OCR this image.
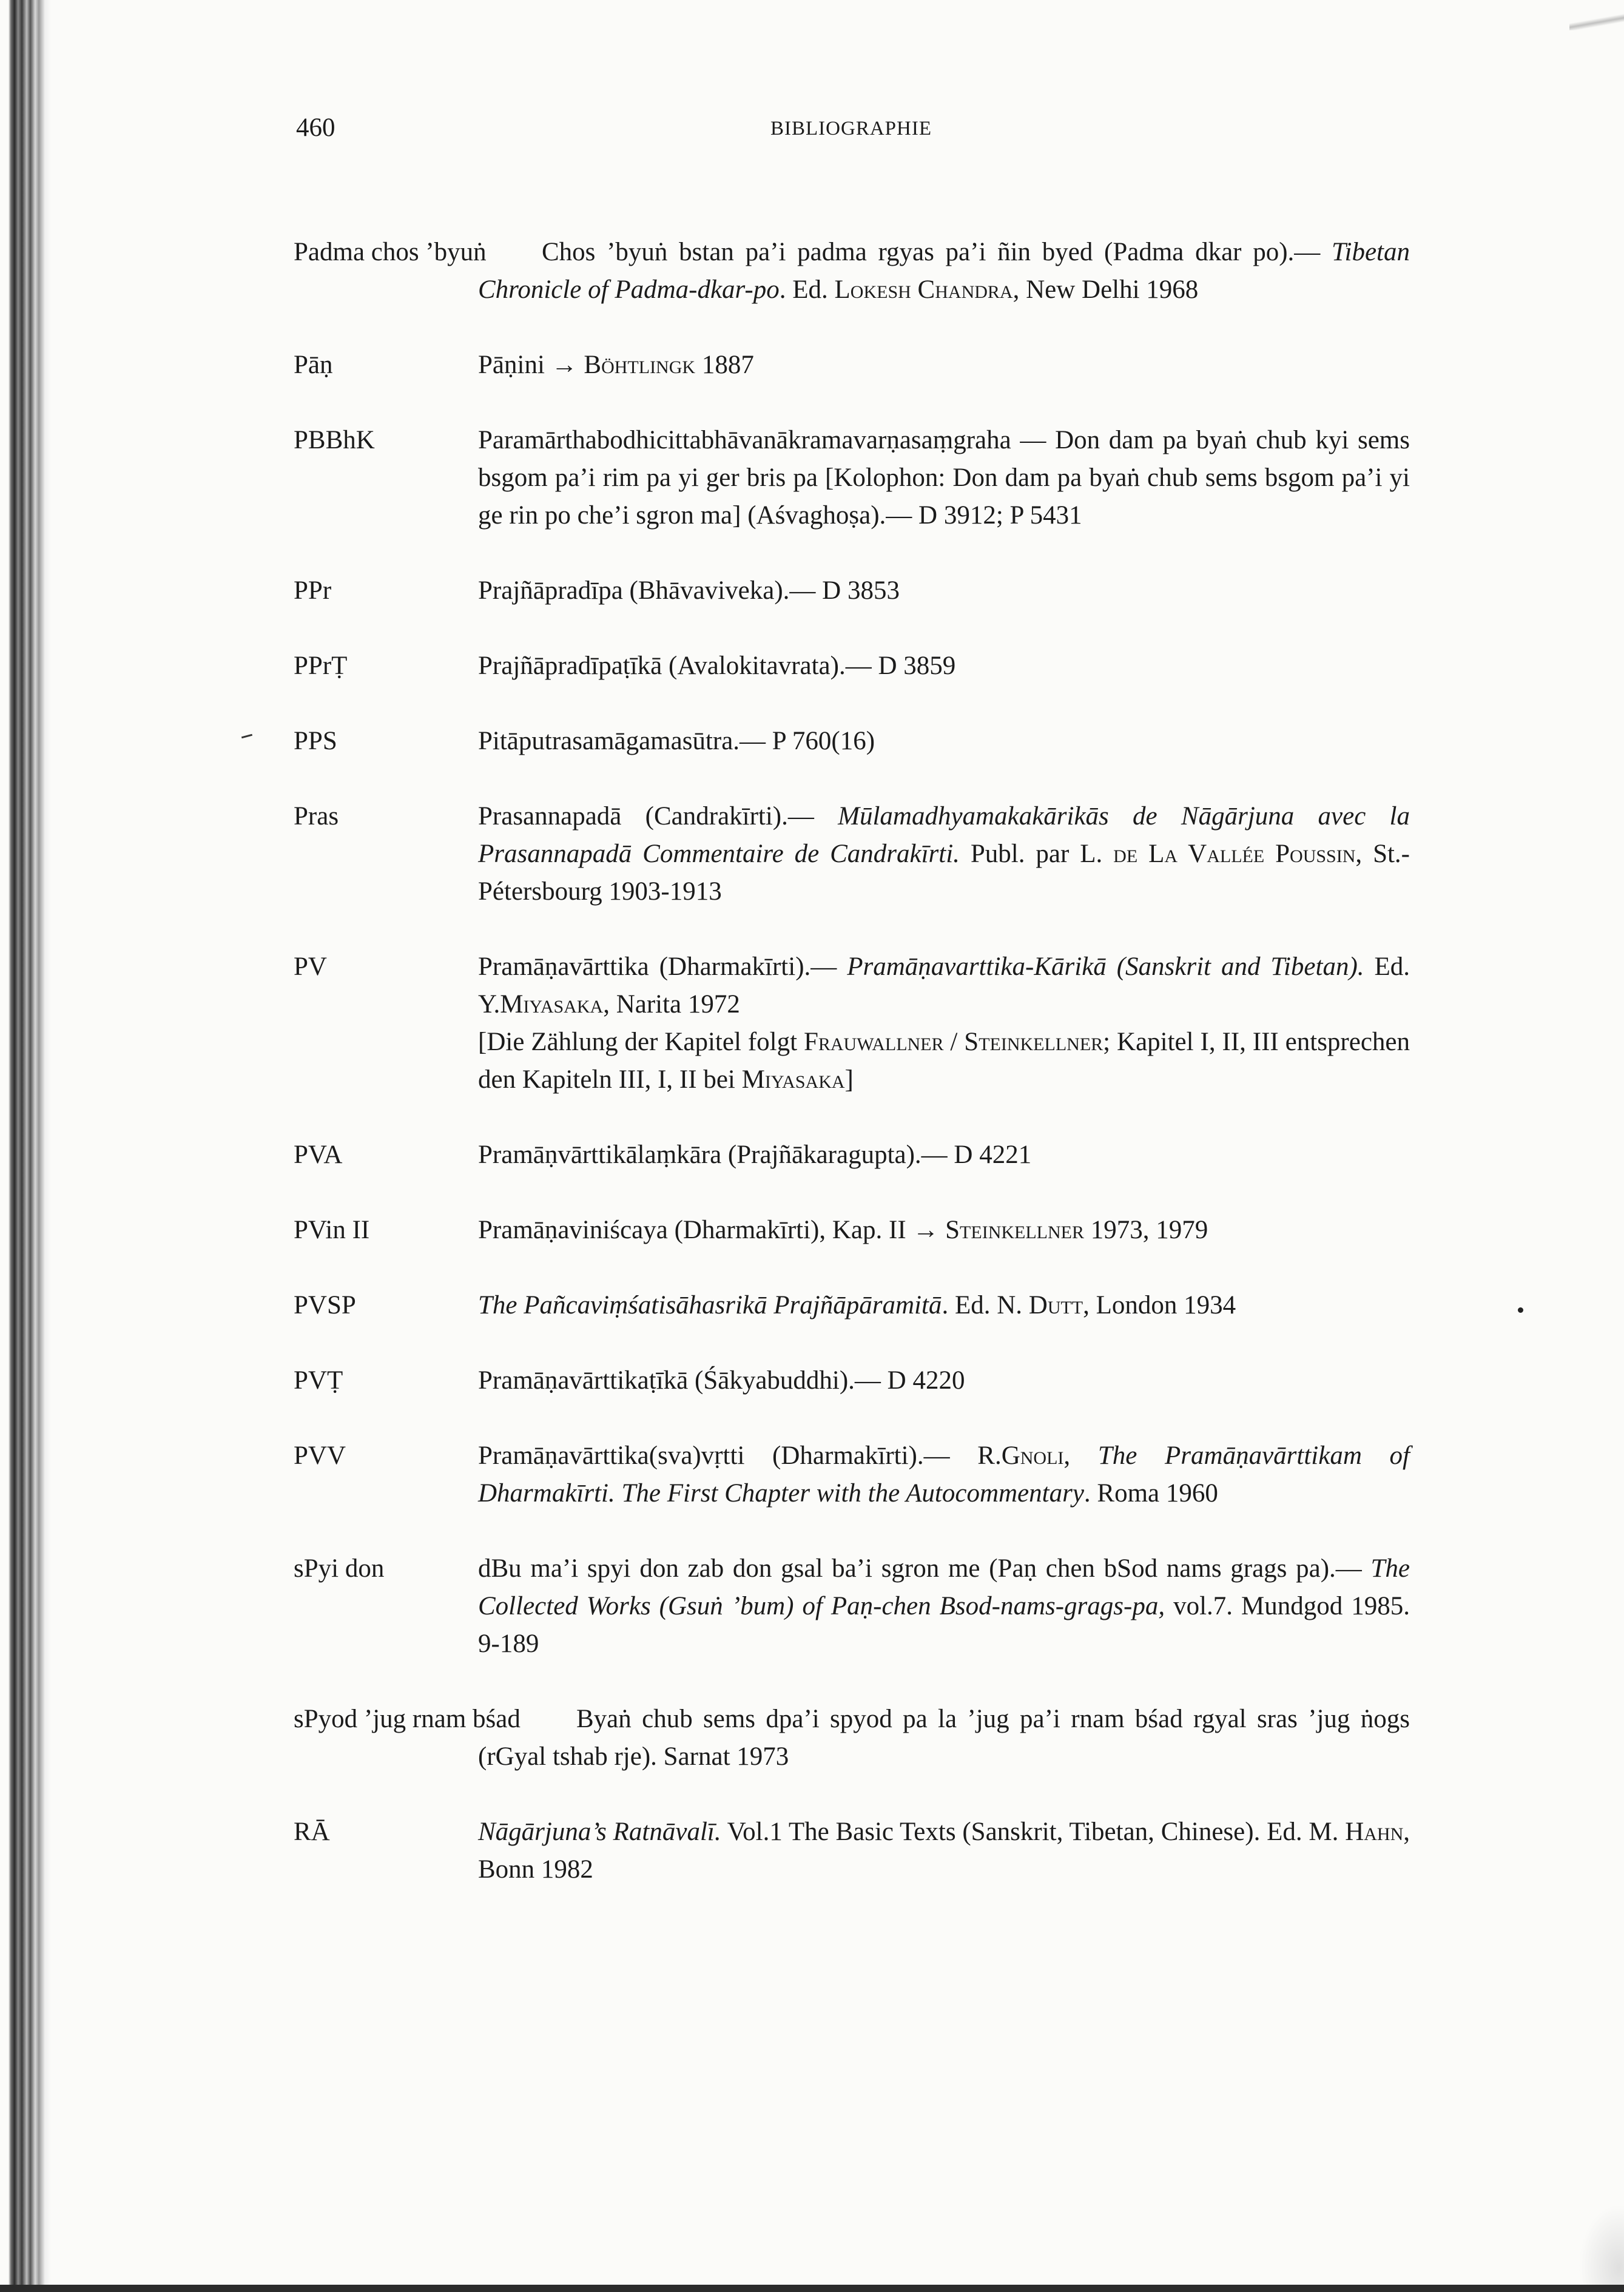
460	BIBLIOGRAPHIE
Padma chos ’byuṅ	Chos ’byuṅ bstan pa’i padma rgyas pa’i ñin byed (Padma dkar po).— Tibetan Chronicle of Padma-dkar-po. Ed. Lokesh Chandra, New Delhi 1968
Pāṇ	Pāṇini → Böhtlingk 1887
PBBhK	Paramārthabodhicittabhāvanākramavarṇasaṃgraha — Don dam pa byaṅ chub kyi sems bsgom pa’i rim pa yi ger bris pa [Kolophon: Don dam pa byaṅ chub sems bsgom pa’i yi ge rin po che’i sgron ma] (Aśvaghoṣa).— D 3912; P 5431
PPr	Prajñāpradīpa (Bhāvaviveka).— D 3853
PPrṬ	Prajñāpradīpaṭīkā (Avalokitavrata).— D 3859
PPS	Pitāputrasamāgamasūtra.— P 760(16)
Pras	Prasannapadā (Candrakīrti).— Mūlamadhyamakakārikās de Nāgārjuna avec la Prasannapadā Commentaire de Candrakīrti. Publ. par L. de La Vallée Poussin, St.-Pétersbourg 1903-1913
PV	Pramāṇavārttika (Dharmakīrti).— Pramāṇavarttika-Kārikā (Sanskrit and Tibetan). Ed. Y.Miyasaka, Narita 1972
[Die Zählung der Kapitel folgt Frauwallner / Steinkellner; Kapitel I, II, III entsprechen den Kapiteln III, I, II bei Miyasaka]
PVA	Pramāṇvārttikālaṃkāra (Prajñākaragupta).— D 4221
PVin II	Pramāṇaviniścaya (Dharmakīrti), Kap. II → Steinkellner 1973, 1979
PVSP	The Pañcaviṃśatisāhasrikā Prajñāpāramitā. Ed. N. Dutt, London 1934
PVṬ	Pramāṇavārttikaṭīkā (Śākyabuddhi).— D 4220
PVV	Pramāṇavārttika(sva)vṛtti (Dharmakīrti).— R.Gnoli, The Pramāṇavārttikam of Dharmakīrti. The First Chapter with the Autocommentary. Roma 1960
sPyi don	dBu ma’i spyi don zab don gsal ba’i sgron me (Paṇ chen bSod nams grags pa).— The Collected Works (Gsuṅ ’bum) of Paṇ-chen Bsod-nams-grags-pa, vol.7. Mundgod 1985. 9-189
sPyod ’jug rnam bśad	Byaṅ chub sems dpa’i spyod pa la ’jug pa’i rnam bśad rgyal sras ’jug ṅogs (rGyal tshab rje). Sarnat 1973
RĀ	Nāgārjuna’s Ratnāvalī. Vol.1 The Basic Texts (Sanskrit, Tibetan, Chinese). Ed. M. Hahn, Bonn 1982
